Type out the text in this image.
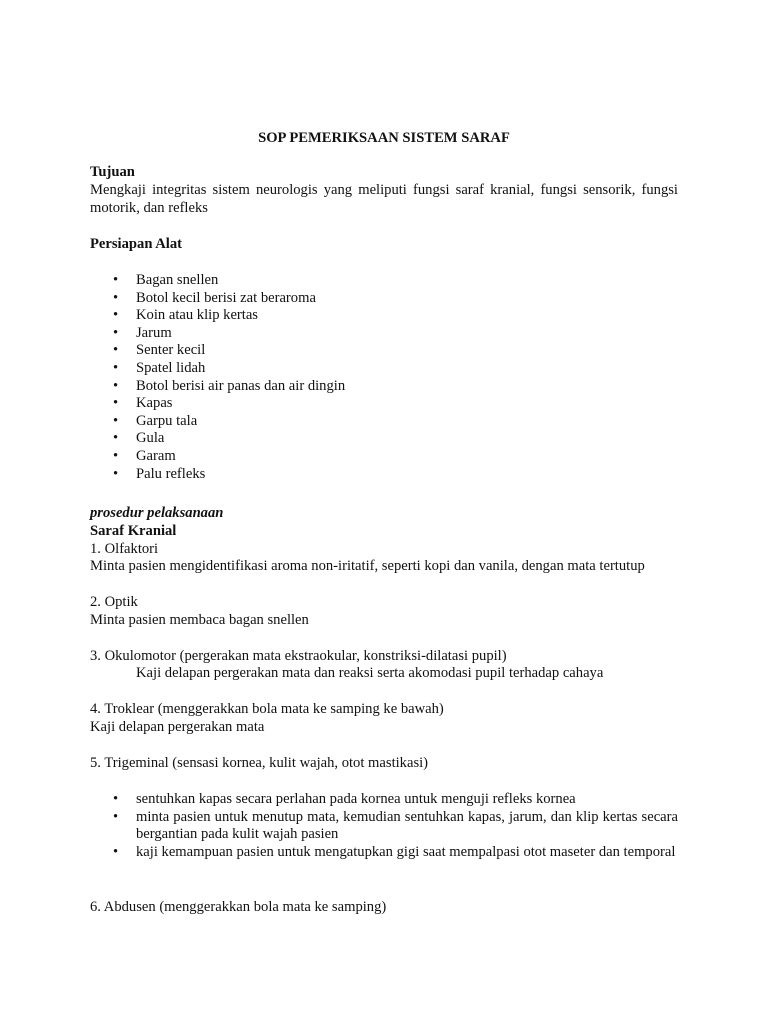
SOP PEMERIKSAAN SISTEM SARAF

Tujuan

Mengkaji integritas sistem neurologis yang meliputi fungsi saraf kranial, fungsi sensorik, fungsi motorik, dan refleks

Persiapan Alat

• Bagan snellen
• Botol kecil berisi zat beraroma
• Koin atau klip kertas
• Jarum
• Senter kecil
• Spatel lidah
• Botol berisi air panas dan air dingin
• Kapas
• Garpu tala
• Gula
• Garam
• Palu refleks

prosedur pelaksanaan

Saraf Kranial

1. Olfaktori

Minta pasien mengidentifikasi aroma non-iritatif, seperti kopi dan vanila, dengan mata tertutup

2. Optik

Minta pasien membaca bagan snellen

3. Okulomotor (pergerakan mata ekstraokular, konstriksi-dilatasi pupil)

Kaji delapan pergerakan mata dan reaksi serta akomodasi pupil terhadap cahaya

4. Troklear (menggerakkan bola mata ke samping ke bawah)

Kaji delapan pergerakan mata

5. Trigeminal (sensasi kornea, kulit wajah, otot mastikasi)

• sentuhkan kapas secara perlahan pada kornea untuk menguji refleks kornea
• minta pasien untuk menutup mata, kemudian sentuhkan kapas, jarum, dan klip kertas secara bergantian pada kulit wajah pasien
• kaji kemampuan pasien untuk mengatupkan gigi saat mempalpasi otot maseter dan temporal

6. Abdusen (menggerakkan bola mata ke samping)
